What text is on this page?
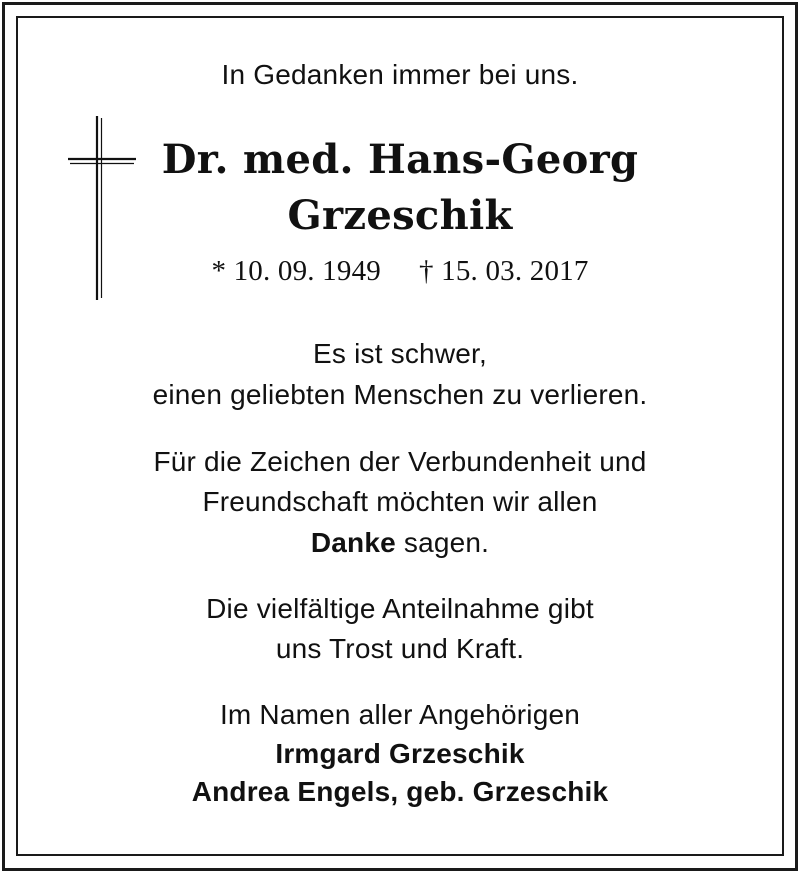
In Gedanken immer bei uns.
Dr. med. Hans-Georg
Grzeschik
* 10. 09. 1949 † 15. 03. 2017
Es ist schwer,
einen geliebten Menschen zu verlieren.
Für die Zeichen der Verbundenheit und
Freundschaft möchten wir allen
Danke sagen.
Die vielfältige Anteilnahme gibt
uns Trost und Kraft.
Im Namen aller Angehörigen
Irmgard Grzeschik
Andrea Engels, geb. Grzeschik
